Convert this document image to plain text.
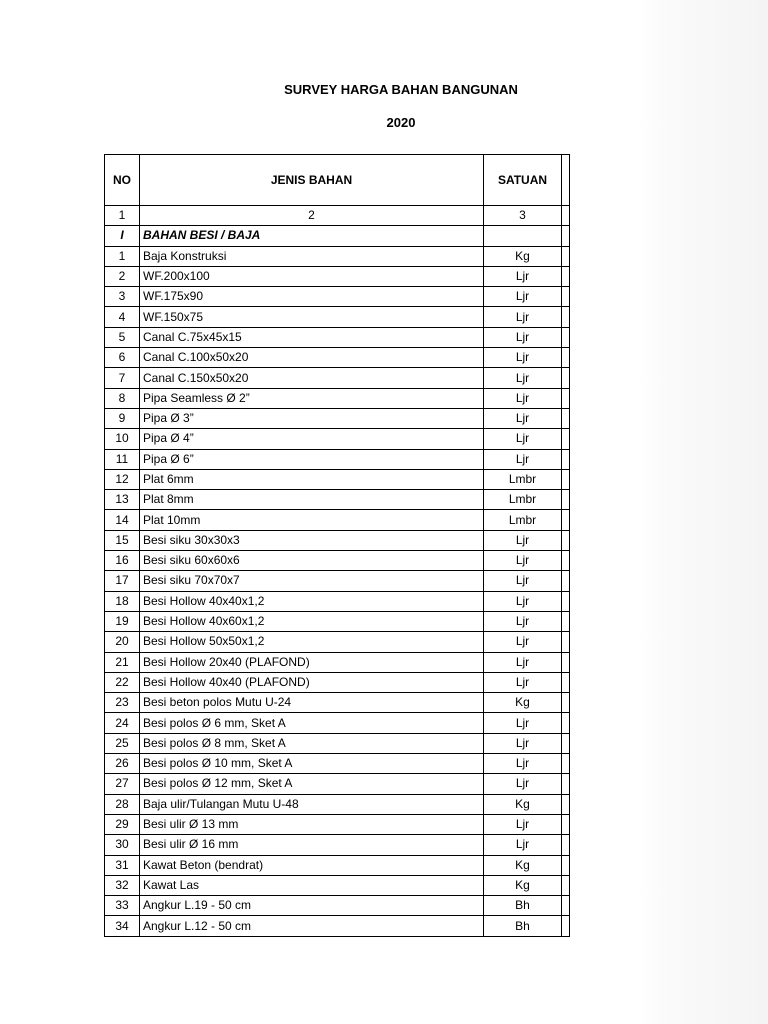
SURVEY HARGA BAHAN BANGUNAN
2020
NO	JENIS BAHAN	SATUAN	
1	2	3	
I	BAHAN BESI / BAJA		
1	Baja Konstruksi	Kg	
2	WF.200x100	Ljr	
3	WF.175x90	Ljr	
4	WF.150x75	Ljr	
5	Canal C.75x45x15	Ljr	
6	Canal C.100x50x20	Ljr	
7	Canal C.150x50x20	Ljr	
8	Pipa Seamless Ø 2”	Ljr	
9	Pipa Ø 3”	Ljr	
10	Pipa Ø 4”	Ljr	
11	Pipa Ø 6”	Ljr	
12	Plat 6mm	Lmbr	
13	Plat 8mm	Lmbr	
14	Plat 10mm	Lmbr	
15	Besi siku 30x30x3	Ljr	
16	Besi siku 60x60x6	Ljr	
17	Besi siku 70x70x7	Ljr	
18	Besi Hollow 40x40x1,2	Ljr	
19	Besi Hollow 40x60x1,2	Ljr	
20	Besi Hollow 50x50x1,2	Ljr	
21	Besi Hollow 20x40 (PLAFOND)	Ljr	
22	Besi Hollow 40x40 (PLAFOND)	Ljr	
23	Besi beton polos Mutu U-24	Kg	
24	Besi polos Ø 6 mm, Sket A	Ljr	
25	Besi polos Ø 8 mm, Sket A	Ljr	
26	Besi polos Ø 10 mm, Sket A	Ljr	
27	Besi polos Ø 12 mm, Sket A	Ljr	
28	Baja ulir/Tulangan Mutu U-48	Kg	
29	Besi ulir Ø 13 mm	Ljr	
30	Besi ulir Ø 16 mm	Ljr	
31	Kawat Beton (bendrat)	Kg	
32	Kawat Las	Kg	
33	Angkur L.19 - 50 cm	Bh	
34	Angkur L.12 - 50 cm	Bh	
